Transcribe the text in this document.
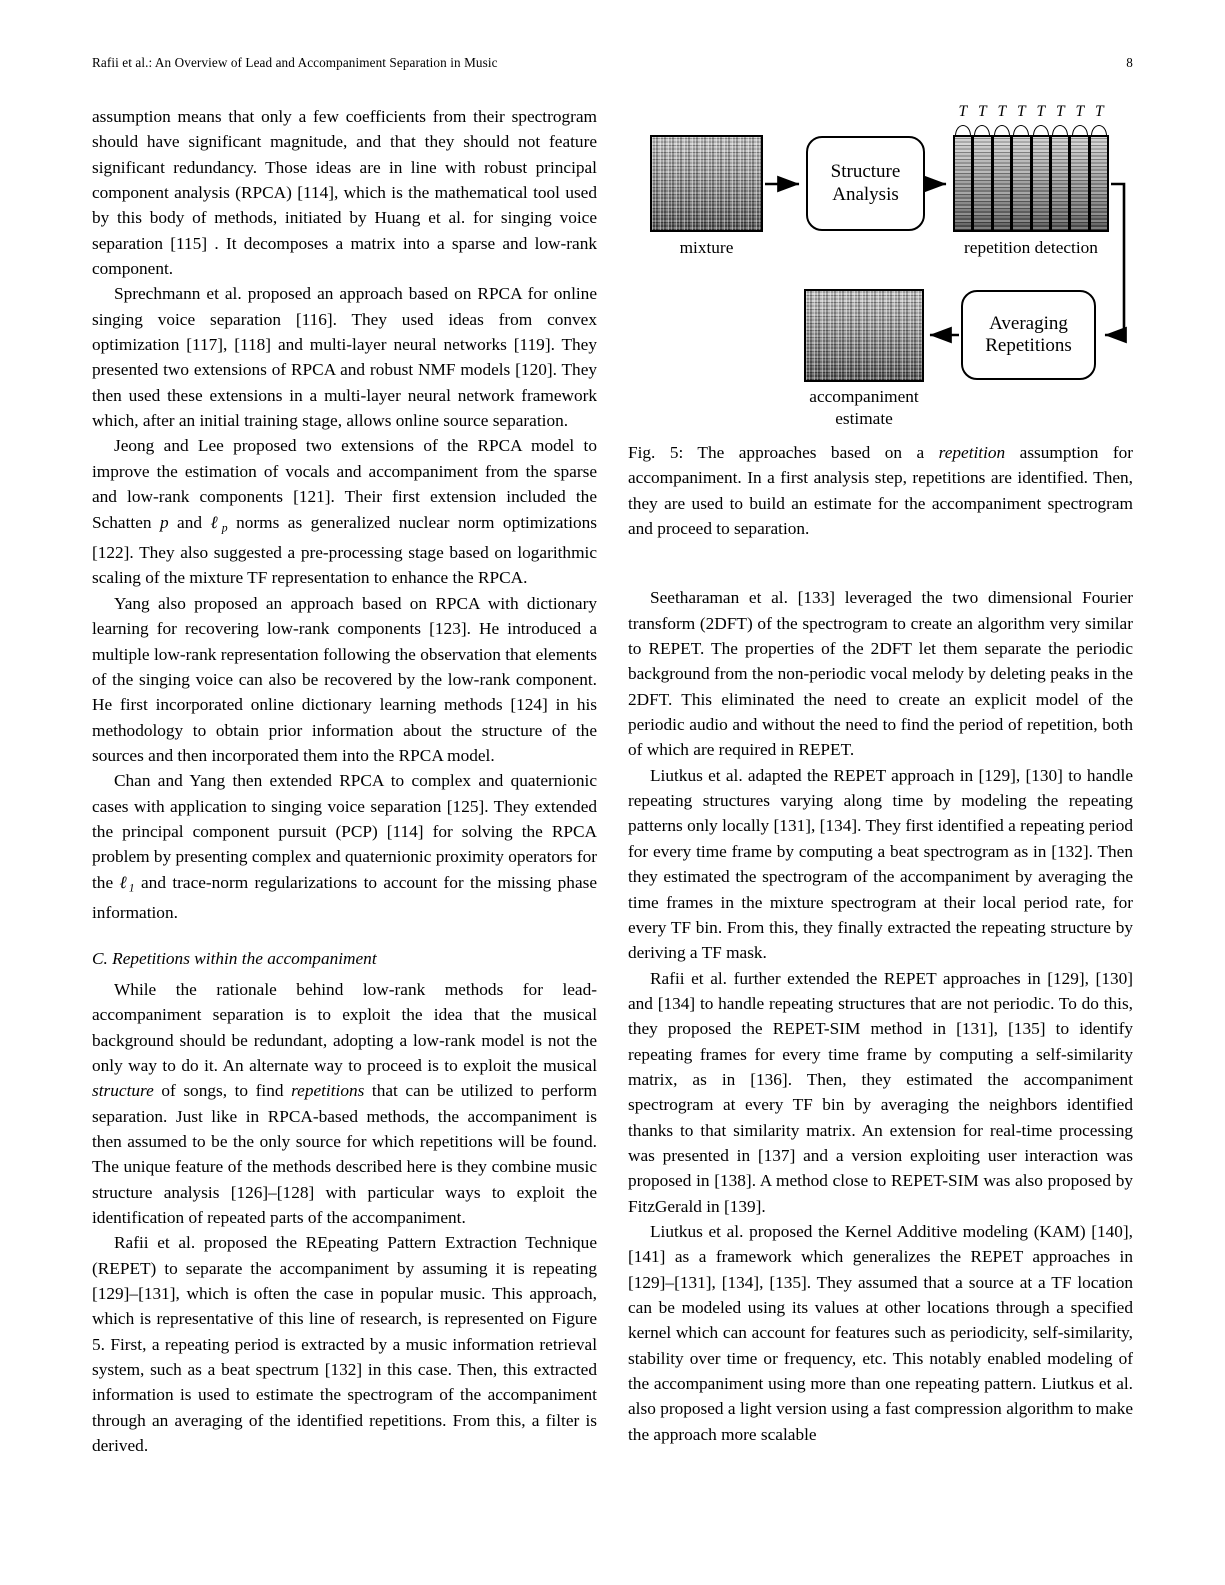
Rafii et al.: An Overview of Lead and Accompaniment Separation in Music	8

assumption means that only a few coefficients from their spectrogram should have significant magnitude, and that they should not feature significant redundancy. Those ideas are in line with robust principal component analysis (RPCA) [114], which is the mathematical tool used by this body of methods, initiated by Huang et al. for singing voice separation [115] . It decomposes a matrix into a sparse and low-rank component.

Sprechmann et al. proposed an approach based on RPCA for online singing voice separation [116]. They used ideas from convex optimization [117], [118] and multi-layer neural networks [119]. They presented two extensions of RPCA and robust NMF models [120]. They then used these extensions in a multi-layer neural network framework which, after an initial training stage, allows online source separation.

Jeong and Lee proposed two extensions of the RPCA model to improve the estimation of vocals and accompaniment from the sparse and low-rank components [121]. Their first extension included the Schatten p and ℓ$_p$ norms as generalized nuclear norm optimizations [122]. They also suggested a pre-processing stage based on logarithmic scaling of the mixture TF representation to enhance the RPCA.

Yang also proposed an approach based on RPCA with dictionary learning for recovering low-rank components [123]. He introduced a multiple low-rank representation following the observation that elements of the singing voice can also be recovered by the low-rank component. He first incorporated online dictionary learning methods [124] in his methodology to obtain prior information about the structure of the sources and then incorporated them into the RPCA model.

Chan and Yang then extended RPCA to complex and quaternionic cases with application to singing voice separation [125]. They extended the principal component pursuit (PCP) [114] for solving the RPCA problem by presenting complex and quaternionic proximity operators for the ℓ$_1$ and trace-norm regularizations to account for the missing phase information.

C. Repetitions within the accompaniment

While the rationale behind low-rank methods for lead-accompaniment separation is to exploit the idea that the musical background should be redundant, adopting a low-rank model is not the only way to do it. An alternate way to proceed is to exploit the musical structure of songs, to find repetitions that can be utilized to perform separation. Just like in RPCA-based methods, the accompaniment is then assumed to be the only source for which repetitions will be found. The unique feature of the methods described here is they combine music structure analysis [126]–[128] with particular ways to exploit the identification of repeated parts of the accompaniment.

Rafii et al. proposed the REpeating Pattern Extraction Technique (REPET) to separate the accompaniment by assuming it is repeating [129]–[131], which is often the case in popular music. This approach, which is representative of this line of research, is represented on Figure 5. First, a repeating period is extracted by a music information retrieval system, such as a beat spectrum [132] in this case. Then, this extracted information is used to estimate the spectrogram of the accompaniment through an averaging of the identified repetitions. From this, a filter is derived.

Structure
Analysis
T T T T T T T T
Averaging
Repetitions
mixture	repetition detection
accompaniment
estimate

Fig. 5: The approaches based on a repetition assumption for accompaniment. In a first analysis step, repetitions are identified. Then, they are used to build an estimate for the accompaniment spectrogram and proceed to separation.

Seetharaman et al. [133] leveraged the two dimensional Fourier transform (2DFT) of the spectrogram to create an algorithm very similar to REPET. The properties of the 2DFT let them separate the periodic background from the non-periodic vocal melody by deleting peaks in the 2DFT. This eliminated the need to create an explicit model of the periodic audio and without the need to find the period of repetition, both of which are required in REPET.

Liutkus et al. adapted the REPET approach in [129], [130] to handle repeating structures varying along time by modeling the repeating patterns only locally [131], [134]. They first identified a repeating period for every time frame by computing a beat spectrogram as in [132]. Then they estimated the spectrogram of the accompaniment by averaging the time frames in the mixture spectrogram at their local period rate, for every TF bin. From this, they finally extracted the repeating structure by deriving a TF mask.

Rafii et al. further extended the REPET approaches in [129], [130] and [134] to handle repeating structures that are not periodic. To do this, they proposed the REPET-SIM method in [131], [135] to identify repeating frames for every time frame by computing a self-similarity matrix, as in [136]. Then, they estimated the accompaniment spectrogram at every TF bin by averaging the neighbors identified thanks to that similarity matrix. An extension for real-time processing was presented in [137] and a version exploiting user interaction was proposed in [138]. A method close to REPET-SIM was also proposed by FitzGerald in [139].

Liutkus et al. proposed the Kernel Additive modeling (KAM) [140], [141] as a framework which generalizes the REPET approaches in [129]–[131], [134], [135]. They assumed that a source at a TF location can be modeled using its values at other locations through a specified kernel which can account for features such as periodicity, self-similarity, stability over time or frequency, etc. This notably enabled modeling of the accompaniment using more than one repeating pattern. Liutkus et al. also proposed a light version using a fast compression algorithm to make the approach more scalable
